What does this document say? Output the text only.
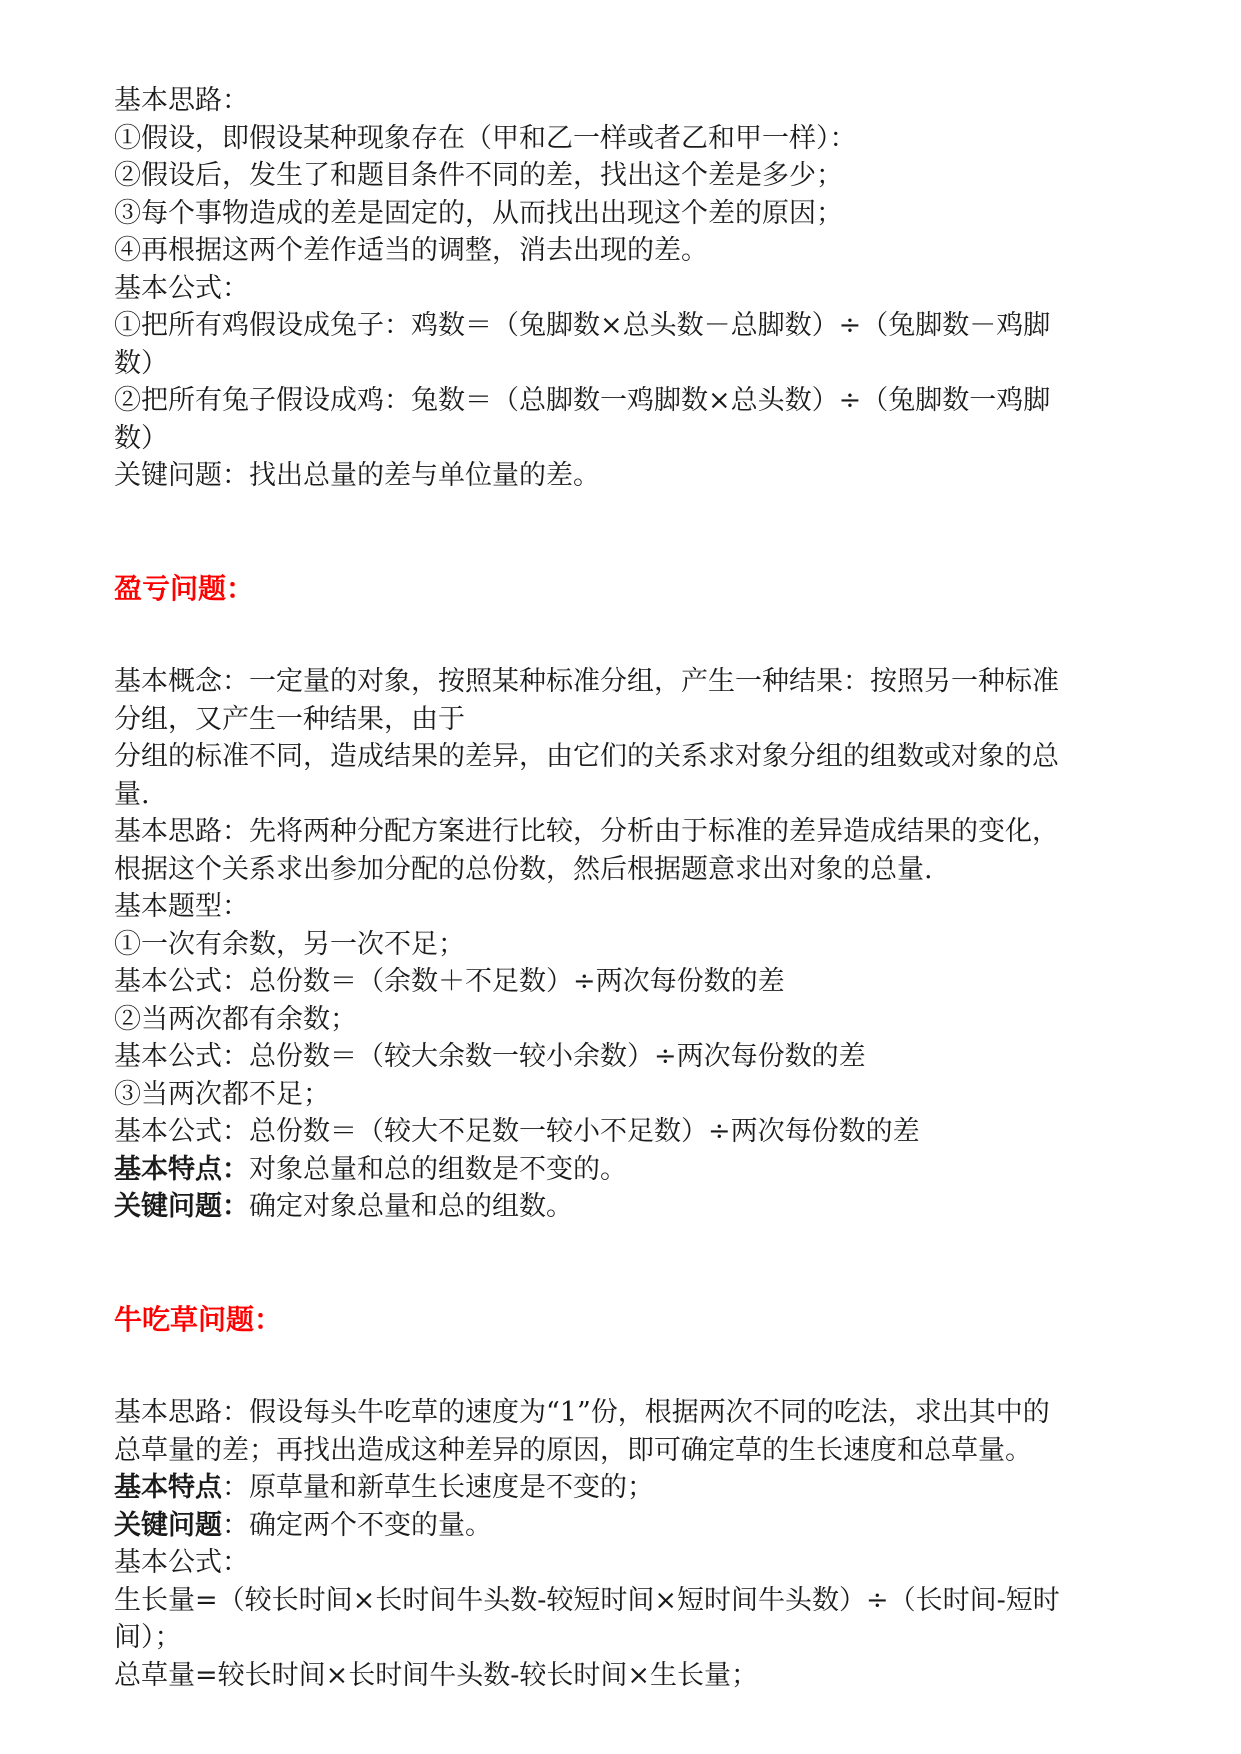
基本思路：

①假设，即假设某种现象存在（甲和乙一样或者乙和甲一样）：

②假设后，发生了和题目条件不同的差，找出这个差是多少；

③每个事物造成的差是固定的，从而找出出现这个差的原因；

④再根据这两个差作适当的调整，消去出现的差。

基本公式：

①把所有鸡假设成兔子：鸡数＝（兔脚数×总头数－总脚数）÷（兔脚数－鸡脚

数）

②把所有兔子假设成鸡：兔数＝（总脚数一鸡脚数×总头数）÷（兔脚数一鸡脚

数）

关键问题：找出总量的差与单位量的差。

盈亏问题：

基本概念：一定量的对象，按照某种标准分组，产生一种结果：按照另一种标准

分组，又产生一种结果，由于

分组的标准不同，造成结果的差异，由它们的关系求对象分组的组数或对象的总

量.

基本思路：先将两种分配方案进行比较，分析由于标准的差异造成结果的变化，

根据这个关系求出参加分配的总份数，然后根据题意求出对象的总量.

基本题型：

①一次有余数，另一次不足；

基本公式：总份数＝（余数＋不足数）÷两次每份数的差

②当两次都有余数；

基本公式：总份数＝（较大余数一较小余数）÷两次每份数的差

③当两次都不足；

基本公式：总份数＝（较大不足数一较小不足数）÷两次每份数的差

基本特点：对象总量和总的组数是不变的。

关键问题：确定对象总量和总的组数。

牛吃草问题：

基本思路：假设每头牛吃草的速度为“1”份，根据两次不同的吃法，求出其中的

总草量的差；再找出造成这种差异的原因，即可确定草的生长速度和总草量。

基本特点：原草量和新草生长速度是不变的；

关键问题：确定两个不变的量。

基本公式：

生长量=（较长时间×长时间牛头数-较短时间×短时间牛头数）÷（长时间-短时

间）；

总草量=较长时间×长时间牛头数-较长时间×生长量；
